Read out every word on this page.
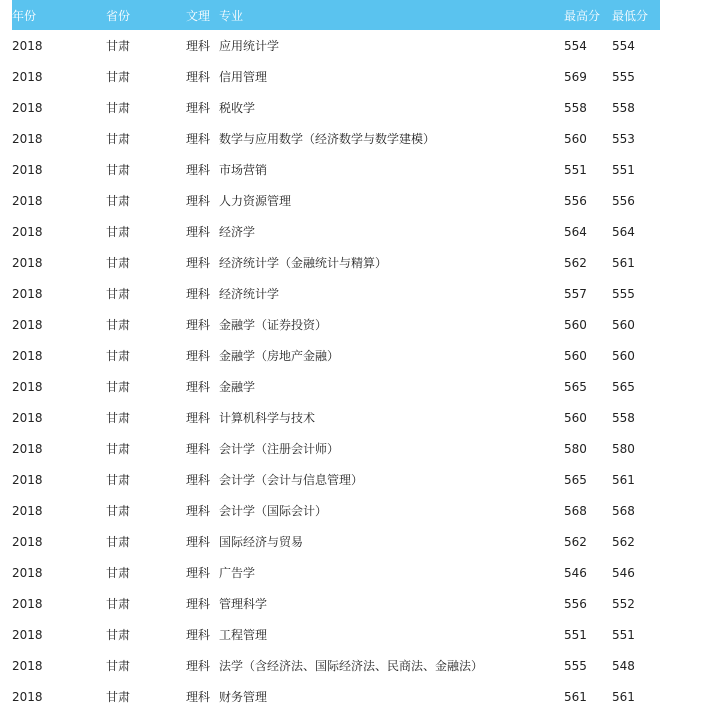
年份	省份	文理 专业	最高分 最低分
2018	甘肃	理科 应用统计学	554	554
2018	甘肃	理科 信用管理	569	555
2018	甘肃	理科 税收学	558	558
2018	甘肃	理科 数学与应用数学（经济数学与数学建模）	560	553
2018	甘肃	理科 市场营销	551	551
2018	甘肃	理科 人力资源管理	556	556
2018	甘肃	理科 经济学	564	564
2018	甘肃	理科 经济统计学（金融统计与精算）	562	561
2018	甘肃	理科 经济统计学	557	555
2018	甘肃	理科 金融学（证券投资）	560	560
2018	甘肃	理科 金融学（房地产金融）	560	560
2018	甘肃	理科 金融学	565	565
2018	甘肃	理科 计算机科学与技术	560	558
2018	甘肃	理科 会计学（注册会计师）	580	580
2018	甘肃	理科 会计学（会计与信息管理）	565	561
2018	甘肃	理科 会计学（国际会计）	568	568
2018	甘肃	理科 国际经济与贸易	562	562
2018	甘肃	理科 广告学	546	546
2018	甘肃	理科 管理科学	556	552
2018	甘肃	理科 工程管理	551	551
2018	甘肃	理科 法学（含经济法、国际经济法、民商法、金融法）	555	548
2018	甘肃	理科 财务管理	561	561
